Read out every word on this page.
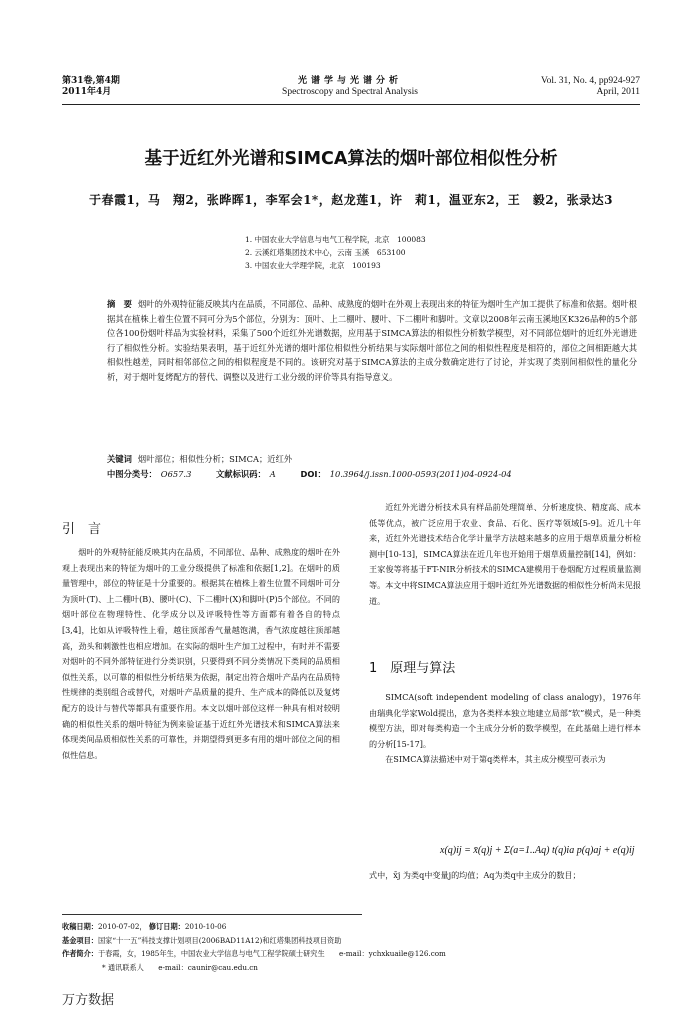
第31卷,第4期
2011年4月
光谱学与光谱分析
Spectroscopy and Spectral Analysis
Vol. 31, No. 4, pp924-927
April, 2011
基于近红外光谱和SIMCA算法的烟叶部位相似性分析
于春霞1，马　翔2，张晔晖1，李军会1*，赵龙莲1，许　莉1，温亚东2，王　毅2，张录达3
1. 中国农业大学信息与电气工程学院，北京　100083
2. 云溪红塔集团技术中心，云南 玉溪　653100
3. 中国农业大学理学院，北京　100193
摘　要 烟叶的外观特征能反映其内在品质，不同部位、品种、成熟度的烟叶在外观上表现出来的特征为烟叶生产加工提供了标准和依据。烟叶根据其在植株上着生位置不同可分为5个部位，分别为：顶叶、上二棚叶、腰叶、下二棚叶和脚叶。文章以2008年云南玉溪地区K326品种的5个部位各100份烟叶样品为实验材料，采集了500个近红外光谱数据，应用基于SIMCA算法的相似性分析数学模型，对不同部位烟叶的近红外光谱进行了相似性分析。实验结果表明，基于近红外光谱的烟叶部位相似性分析结果与实际烟叶部位之间的相似性程度是相符的，部位之间相距越大其相似性越差，同时相邻部位之间的相似程度是不同的。该研究对基于SIMCA算法的主成分数确定进行了讨论，并实现了类别间相似性的量化分析，对于烟叶复烤配方的替代、调整以及进行工业分级的评价等具有指导意义。
关键词 烟叶部位；相似性分析；SIMCA；近红外
中图分类号： O657.3	文献标识码： A	DOI： 10.3964/j.issn.1000-0593(2011)04-0924-04
引　言

烟叶的外观特征能反映其内在品质，不同部位、品种、成熟度的烟叶在外观上表现出来的特征为烟叶的工业分级提供了标准和依据[1,2]。在烟叶的质量管理中，部位的特征是十分重要的。根据其在植株上着生位置不同烟叶可分为顶叶(T)、上二棚叶(B)、腰叶(C)、下二棚叶(X)和脚叶(P)5个部位。不同的烟叶部位在物理特性、化学成分以及评吸特性等方面都有着各自的特点[3,4]，比如从评吸特性上看，越往顶部香气量越饱满，香气浓度越往顶部越高，劲头和刺激性也相应增加。在实际的烟叶生产加工过程中，有时并不需要对烟叶的不同外部特征进行分类识别，只要得到不同分类情况下类间的品质相似性关系，以可靠的相似性分析结果为依据，制定出符合烟叶产品内在品质特性规律的类别组合或替代，对烟叶产品质量的提升、生产成本的降低以及复烤配方的设计与替代等都具有重要作用。本文以烟叶部位这样一种具有相对较明确的相似性关系的烟叶特征为例来验证基于近红外光谱技术和SIMCA算法来体现类间品质相似性关系的可靠性，并期望得到更多有用的烟叶部位之间的相似性信息。

近红外光谱分析技术具有样品前处理简单、分析速度快、精度高、成本低等优点，被广泛应用于农业、食品、石化、医疗等领域[5-9]。近几十年来，近红外光谱技术结合化学计量学方法越来越多的应用于烟草质量分析检测中[10-13]，SIMCA算法在近几年也开始用于烟草质量控制[14]，例如：王家俊等将基于FT-NIR分析技术的SIMCA建模用于卷烟配方过程质量监测等。本文中将SIMCA算法应用于烟叶近红外光谱数据的相似性分析尚未见报道。

1　原理与算法

SIMCA(soft independent modeling of class analogy)，1976年由瑞典化学家Wold提出，意为各类样本独立地建立局部“软”模式，是一种类模型方法，即对每类构造一个主成分分析的数学模型，在此基础上进行样本的分析[15-17]。

在SIMCA算法描述中对于第q类样本，其主成分模型可表示为

x(q)ij = x̄(q)j + Σ(a=1..Aq) t(q)ia p(q)aj + e(q)ij

式中，x̄j 为类q中变量j的均值；Aq为类q中主成分的数目；

收稿日期：2010-07-02， 修订日期：2010-10-06
基金项目：国家“十一五”科技支撑计划项目(2006BAD11A12)和红塔集团科技项目资助
作者简介：于春霞，女，1985年生，中国农业大学信息与电气工程学院硕士研究生　　e-mail：ychxkuaile@126.com
* 通讯联系人　　e-mail：caunir@cau.edu.cn
万方数据
